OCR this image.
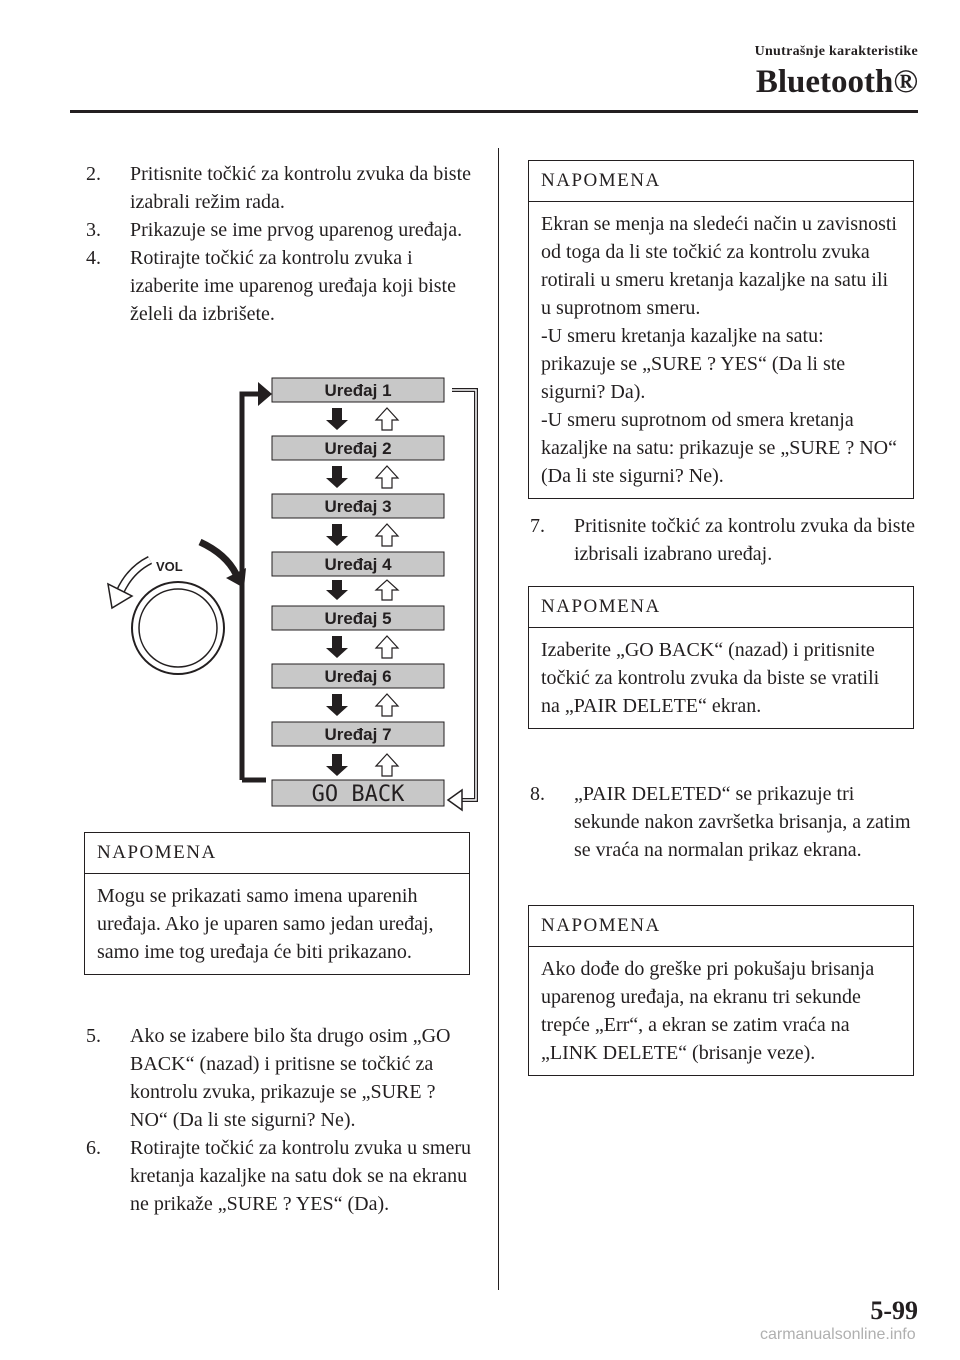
Unutrašnje karakteristike
Bluetooth®
2. Pritisnite točkić za kontrolu zvuka da biste izabrali režim rada.
3. Prikazuje se ime prvog uparenog uređaja.
4. Rotirajte točkić za kontrolu zvuka i izaberite ime uparenog uređaja koji biste želeli da izbrišete.
VOL
Uređaj 1
Uređaj 2
Uređaj 3
Uređaj 4
Uređaj 5
Uređaj 6
Uređaj 7
GO BACK
NAPOMENA
Mogu se prikazati samo imena uparenih uređaja. Ako je uparen samo jedan uređaj, samo ime tog uređaja će biti prikazano.
5. Ako se izabere bilo šta drugo osim „GO BACK“ (nazad) i pritisne se točkić za kontrolu zvuka, prikazuje se „SURE ? NO“ (Da li ste sigurni? Ne).
6. Rotirajte točkić za kontrolu zvuka u smeru kretanja kazaljke na satu dok se na ekranu ne prikaže „SURE ? YES“ (Da).
NAPOMENA
Ekran se menja na sledeći način u zavisnosti od toga da li ste točkić za kontrolu zvuka rotirali u smeru kretanja kazaljke na satu ili u suprotnom smeru.
-U smeru kretanja kazaljke na satu: prikazuje se „SURE ? YES“ (Da li ste sigurni? Da).
-U smeru suprotnom od smera kretanja kazaljke na satu: prikazuje se „SURE ? NO“ (Da li ste sigurni? Ne).
7. Pritisnite točkić za kontrolu zvuka da biste izbrisali izabrano uređaj.
NAPOMENA
Izaberite „GO BACK“ (nazad) i pritisnite točkić za kontrolu zvuka da biste se vratili na „PAIR DELETE“ ekran.
8. „PAIR DELETED“ se prikazuje tri sekunde nakon završetka brisanja, a zatim se vraća na normalan prikaz ekrana.
NAPOMENA
Ako dođe do greške pri pokušaju brisanja uparenog uređaja, na ekranu tri sekunde trepće „Err“, a ekran se zatim vraća na „LINK DELETE“ (brisanje veze).
5-99
carmanualsonline.info
